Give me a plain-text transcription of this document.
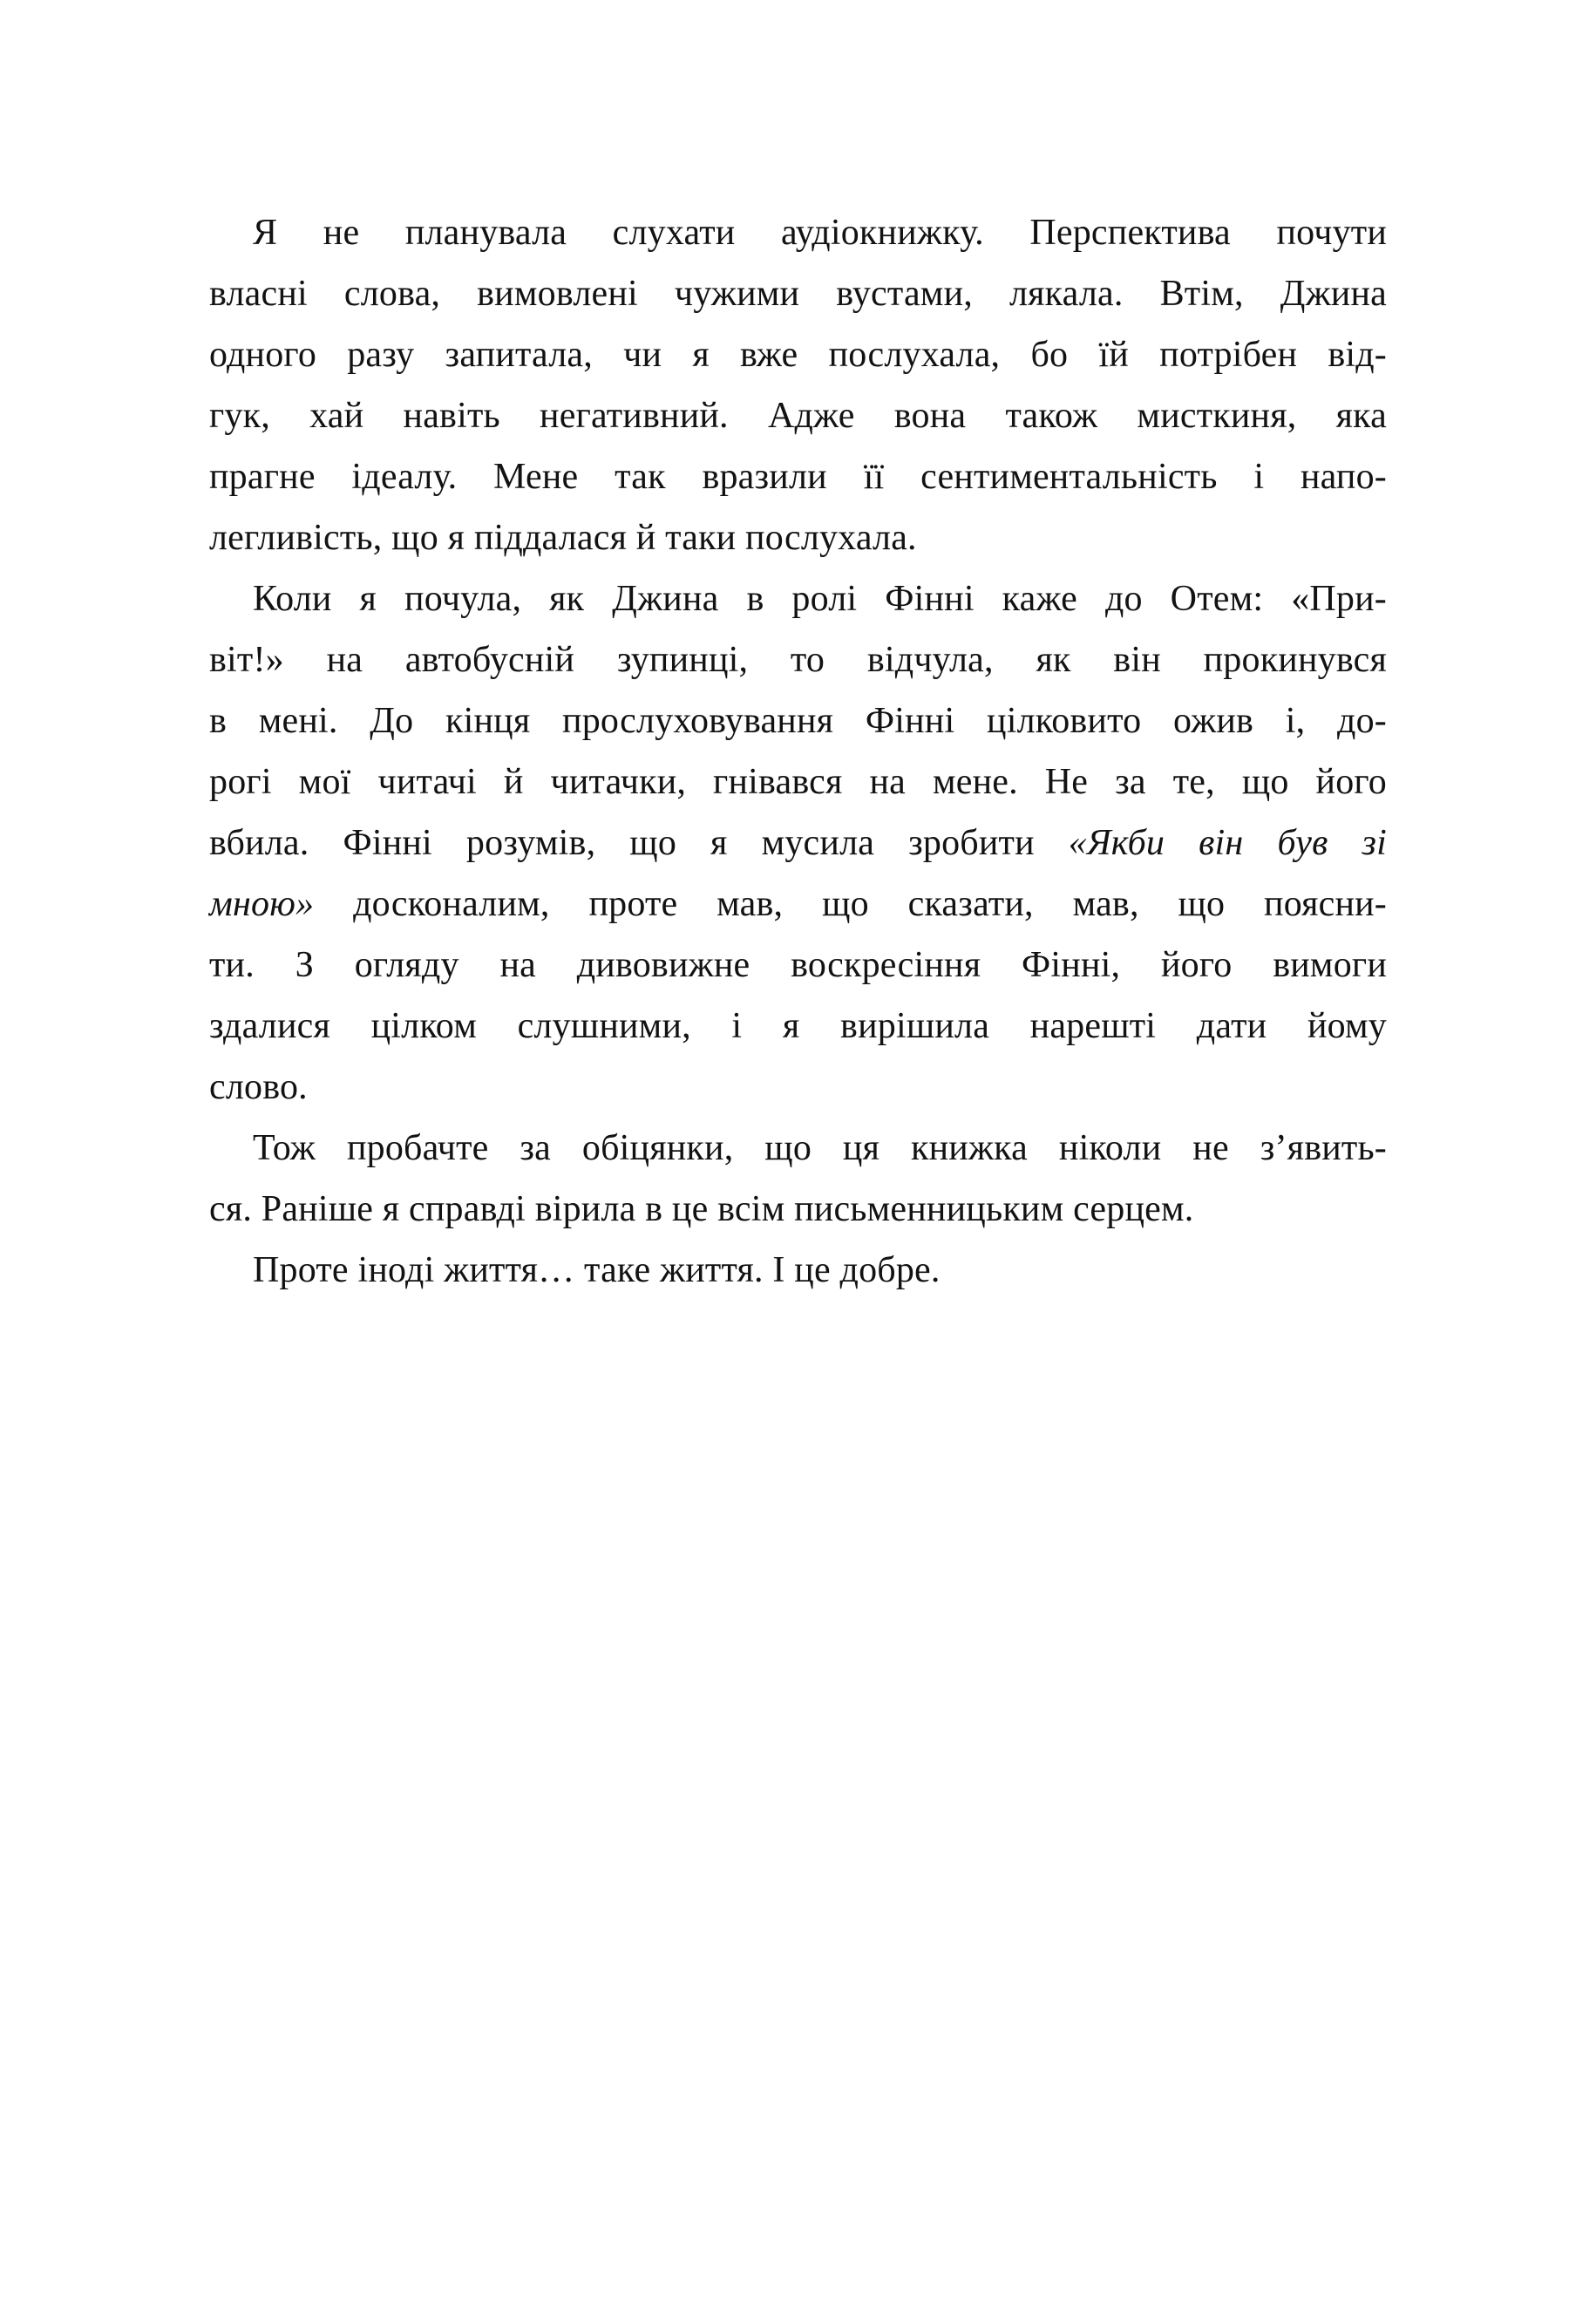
Я не планувала слухати аудіокнижку. Перспектива почути
власні слова, вимовлені чужими вустами, лякала. Втім, Джина
одного разу запитала, чи я вже послухала, бо їй потрібен від-
гук, хай навіть негативний. Адже вона також мисткиня, яка
прагне ідеалу. Мене так вразили її сентиментальність і напо-
легливість, що я піддалася й таки послухала.
Коли я почула, як Джина в ролі Фінні каже до Отем: «При-
віт!» на автобусній зупинці, то відчула, як він прокинувся
в мені. До кінця прослуховування Фінні цілковито ожив і, до-
рогі мої читачі й читачки, гнівався на мене. Не за те, що його
вбила. Фінні розумів, що я мусила зробити «Якби він був зі
мною» досконалим, проте мав, що сказати, мав, що поясни-
ти. З огляду на дивовижне воскресіння Фінні, його вимоги
здалися цілком слушними, і я вирішила нарешті дати йому
слово.
Тож пробачте за обіцянки, що ця книжка ніколи не з’явить-
ся. Раніше я справді вірила в це всім письменницьким серцем.
Проте іноді життя… таке життя. І це добре.
